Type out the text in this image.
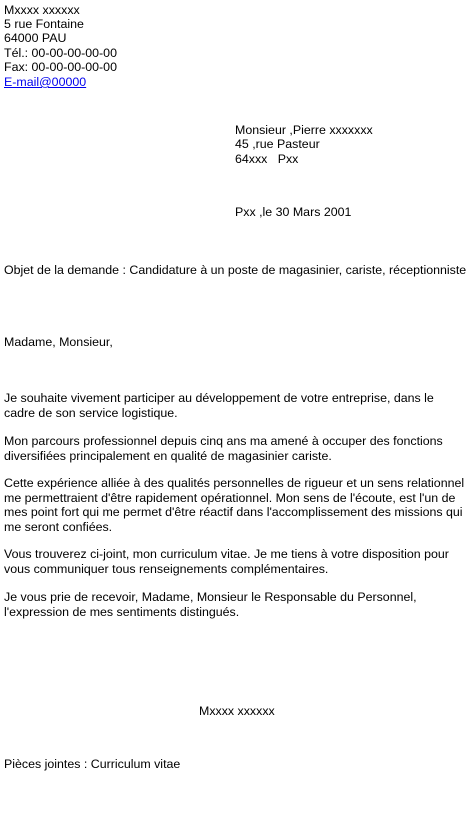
Mxxxx xxxxxx
5 rue Fontaine
64000 PAU
Tél.: 00-00-00-00-00
Fax: 00-00-00-00-00
E-mail@00000
Monsieur ,Pierre xxxxxxx
45 ,rue Pasteur
64xxx   Pxx
Pxx ,le 30 Mars 2001
Objet de la demande : Candidature à un poste de magasinier, cariste, réceptionniste
Madame, Monsieur,
Je souhaite vivement participer au développement de votre entreprise, dans le cadre de son service logistique.
Mon parcours professionnel depuis cinq ans ma amené à occuper des fonctions diversifiées principalement en qualité de magasinier cariste.
Cette expérience alliée à des qualités personnelles de rigueur et un sens relationnel me permettraient d'être rapidement opérationnel. Mon sens de l'écoute, est l'un de mes point fort qui me permet d'être réactif dans l'accomplissement des missions qui me seront confiées.
Vous trouverez ci-joint, mon curriculum vitae. Je me tiens à votre disposition pour vous communiquer tous renseignements complémentaires.
Je vous prie de recevoir, Madame, Monsieur le Responsable du Personnel, l'expression de mes sentiments distingués.
Mxxxx xxxxxx
Pièces jointes : Curriculum vitae
